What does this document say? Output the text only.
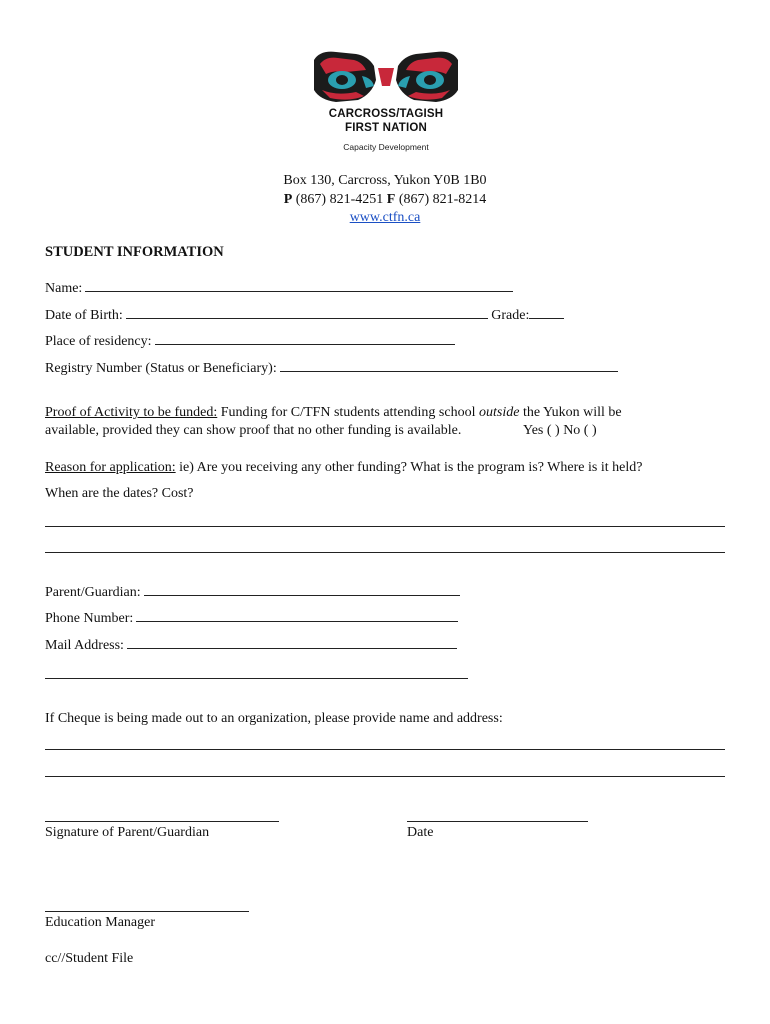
CARCROSS/TAGISH
FIRST NATION
Capacity Development
Box 130, Carcross, Yukon Y0B 1B0
P (867) 821-4251 F (867) 821-8214
www.ctfn.ca
STUDENT INFORMATION
Name:
Date of Birth:	Grade:
Place of residency:
Registry Number (Status or Beneficiary):
Proof of Activity to be funded: Funding for C/TFN students attending school outside the Yukon will be
available, provided they can show proof that no other funding is available.	Yes ( ) No ( )
Reason for application: ie) Are you receiving any other funding? What is the program is? Where is it held?
When are the dates? Cost?
Parent/Guardian:
Phone Number:
Mail Address:
If Cheque is being made out to an organization, please provide name and address:
Signature of Parent/Guardian	Date
Education Manager
cc//Student File
